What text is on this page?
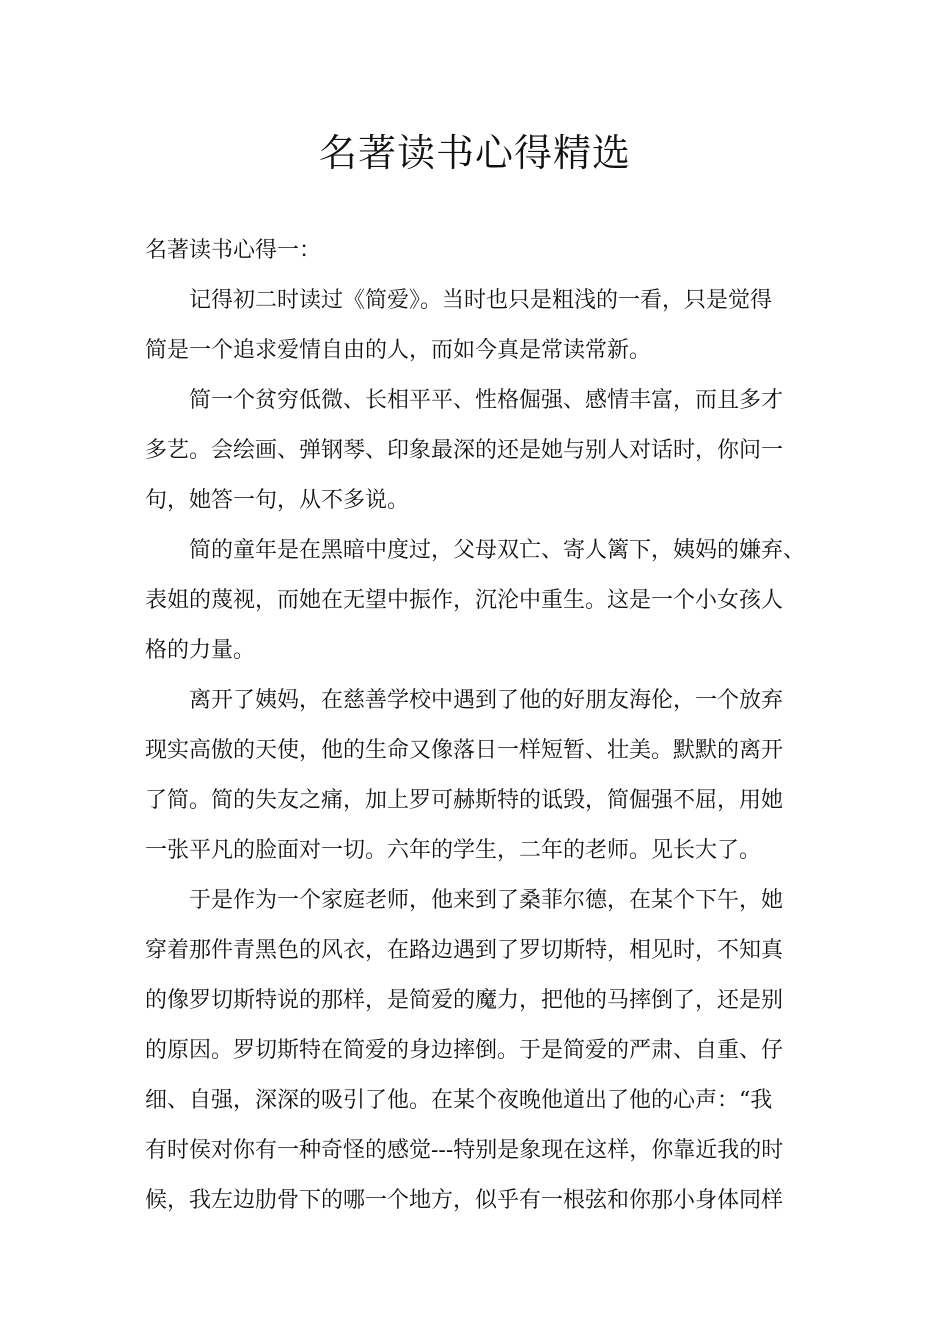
名著读书心得精选
名著读书心得一：
　　记得初二时读过《简爱》。当时也只是粗浅的一看，只是觉得
简是一个追求爱情自由的人，而如今真是常读常新。
　　简一个贫穷低微、长相平平、性格倔强、感情丰富，而且多才
多艺。会绘画、弹钢琴、印象最深的还是她与别人对话时，你问一
句，她答一句，从不多说。
　　简的童年是在黑暗中度过，父母双亡、寄人篱下，姨妈的嫌弃、
表姐的蔑视，而她在无望中振作，沉沦中重生。这是一个小女孩人
格的力量。
　　离开了姨妈，在慈善学校中遇到了他的好朋友海伦，一个放弃
现实高傲的天使，他的生命又像落日一样短暂、壮美。默默的离开
了简。简的失友之痛，加上罗可赫斯特的诋毁，简倔强不屈，用她
一张平凡的脸面对一切。六年的学生，二年的老师。见长大了。
　　于是作为一个家庭老师，他来到了桑菲尔德，在某个下午，她
穿着那件青黑色的风衣，在路边遇到了罗切斯特，相见时，不知真
的像罗切斯特说的那样，是简爱的魔力，把他的马摔倒了，还是别
的原因。罗切斯特在简爱的身边摔倒。于是简爱的严肃、自重、仔
细、自强，深深的吸引了他。在某个夜晚他道出了他的心声：“我
有时侯对你有一种奇怪的感觉---特别是象现在这样，你靠近我的时
候，我左边肋骨下的哪一个地方，似乎有一根弦和你那小身体同样
